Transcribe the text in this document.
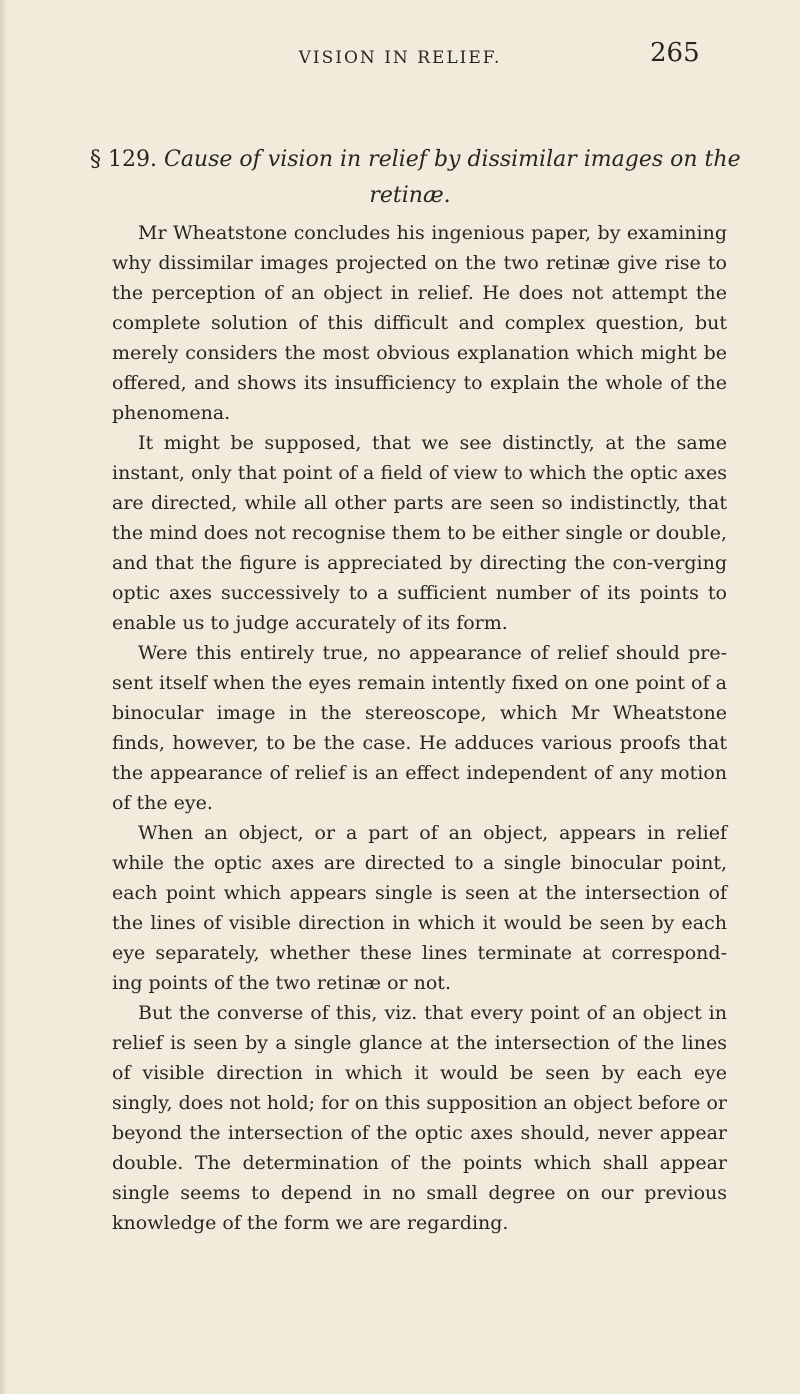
VISION IN RELIEF.	265
§ 129. Cause of vision in relief by dissimilar images on the
retinæ.

Mr Wheatstone concludes his ingenious paper, by examining why dissimilar images projected on the two retinæ give rise to the perception of an object in relief. He does not attempt the complete solution of this difficult and complex question, but merely considers the most obvious explanation which might be offered, and shows its insufficiency to explain the whole of the phenomena.

It might be supposed, that we see distinctly, at the same instant, only that point of a field of view to which the optic axes are directed, while all other parts are seen so indistinctly, that the mind does not recognise them to be either single or double, and that the figure is appreciated by directing the con-verging optic axes successively to a sufficient number of its points to enable us to judge accurately of its form.

Were this entirely true, no appearance of relief should pre-sent itself when the eyes remain intently fixed on one point of a binocular image in the stereoscope, which Mr Wheatstone finds, however, to be the case. He adduces various proofs that the appearance of relief is an effect independent of any motion of the eye.

When an object, or a part of an object, appears in relief while the optic axes are directed to a single binocular point, each point which appears single is seen at the intersection of the lines of visible direction in which it would be seen by each eye separately, whether these lines terminate at correspond-ing points of the two retinæ or not.

But the converse of this, viz. that every point of an object in relief is seen by a single glance at the intersection of the lines of visible direction in which it would be seen by each eye singly, does not hold; for on this supposition an object before or beyond the intersection of the optic axes should, never appear double. The determination of the points which shall appear single seems to depend in no small degree on our previous knowledge of the form we are regarding.
